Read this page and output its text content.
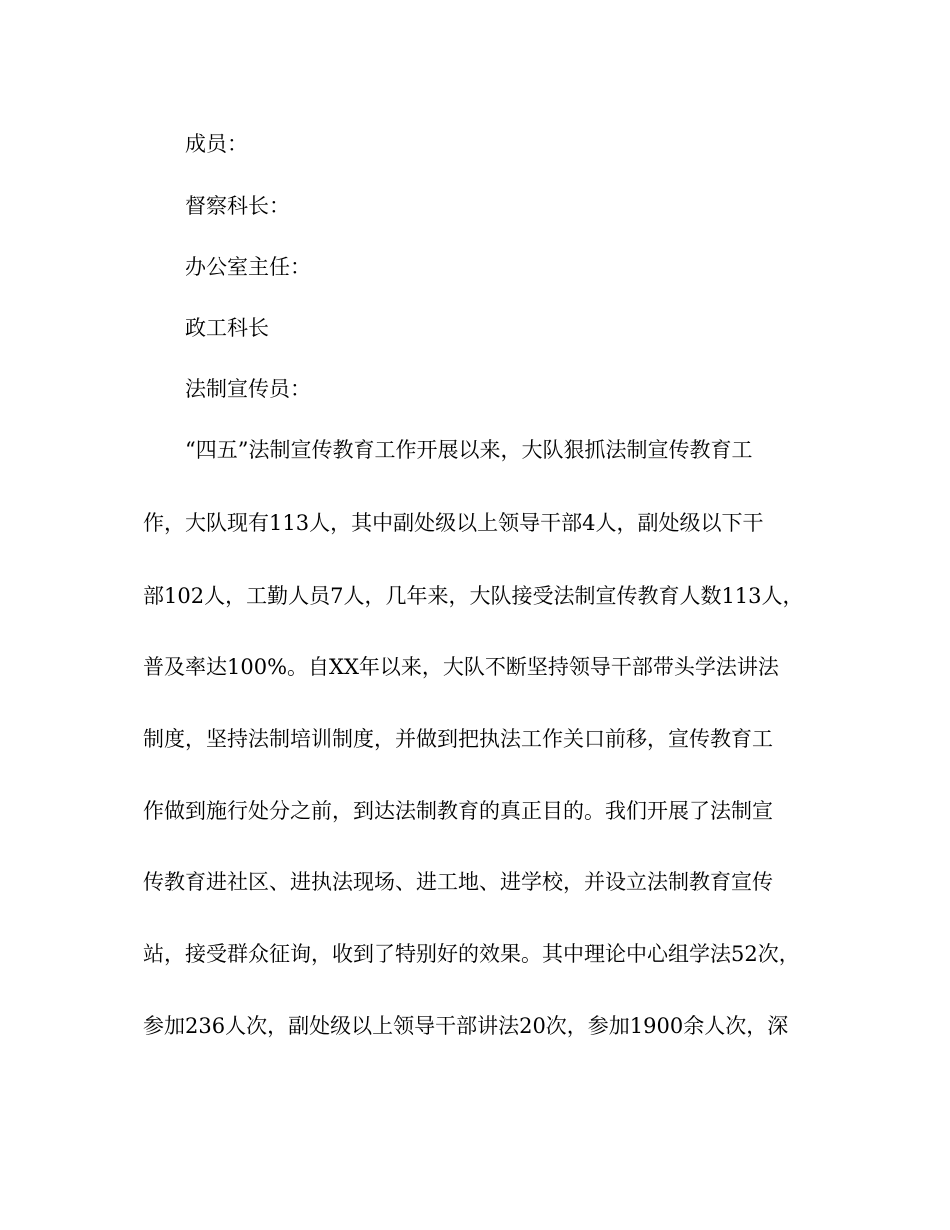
成员：
督察科长：
办公室主任：
政工科长
法制宣传员：
“四五”法制宣传教育工作开展以来，大队狠抓法制宣传教育工
作，大队现有113人，其中副处级以上领导干部4人，副处级以下干
部102人，工勤人员7人，几年来，大队接受法制宣传教育人数113人，
普及率达100%。自XX年以来，大队不断坚持领导干部带头学法讲法
制度，坚持法制培训制度，并做到把执法工作关口前移，宣传教育工
作做到施行处分之前，到达法制教育的真正目的。我们开展了法制宣
传教育进社区、进执法现场、进工地、进学校，并设立法制教育宣传
站，接受群众征询，收到了特别好的效果。其中理论中心组学法52次，
参加236人次，副处级以上领导干部讲法20次，参加1900余人次，深
